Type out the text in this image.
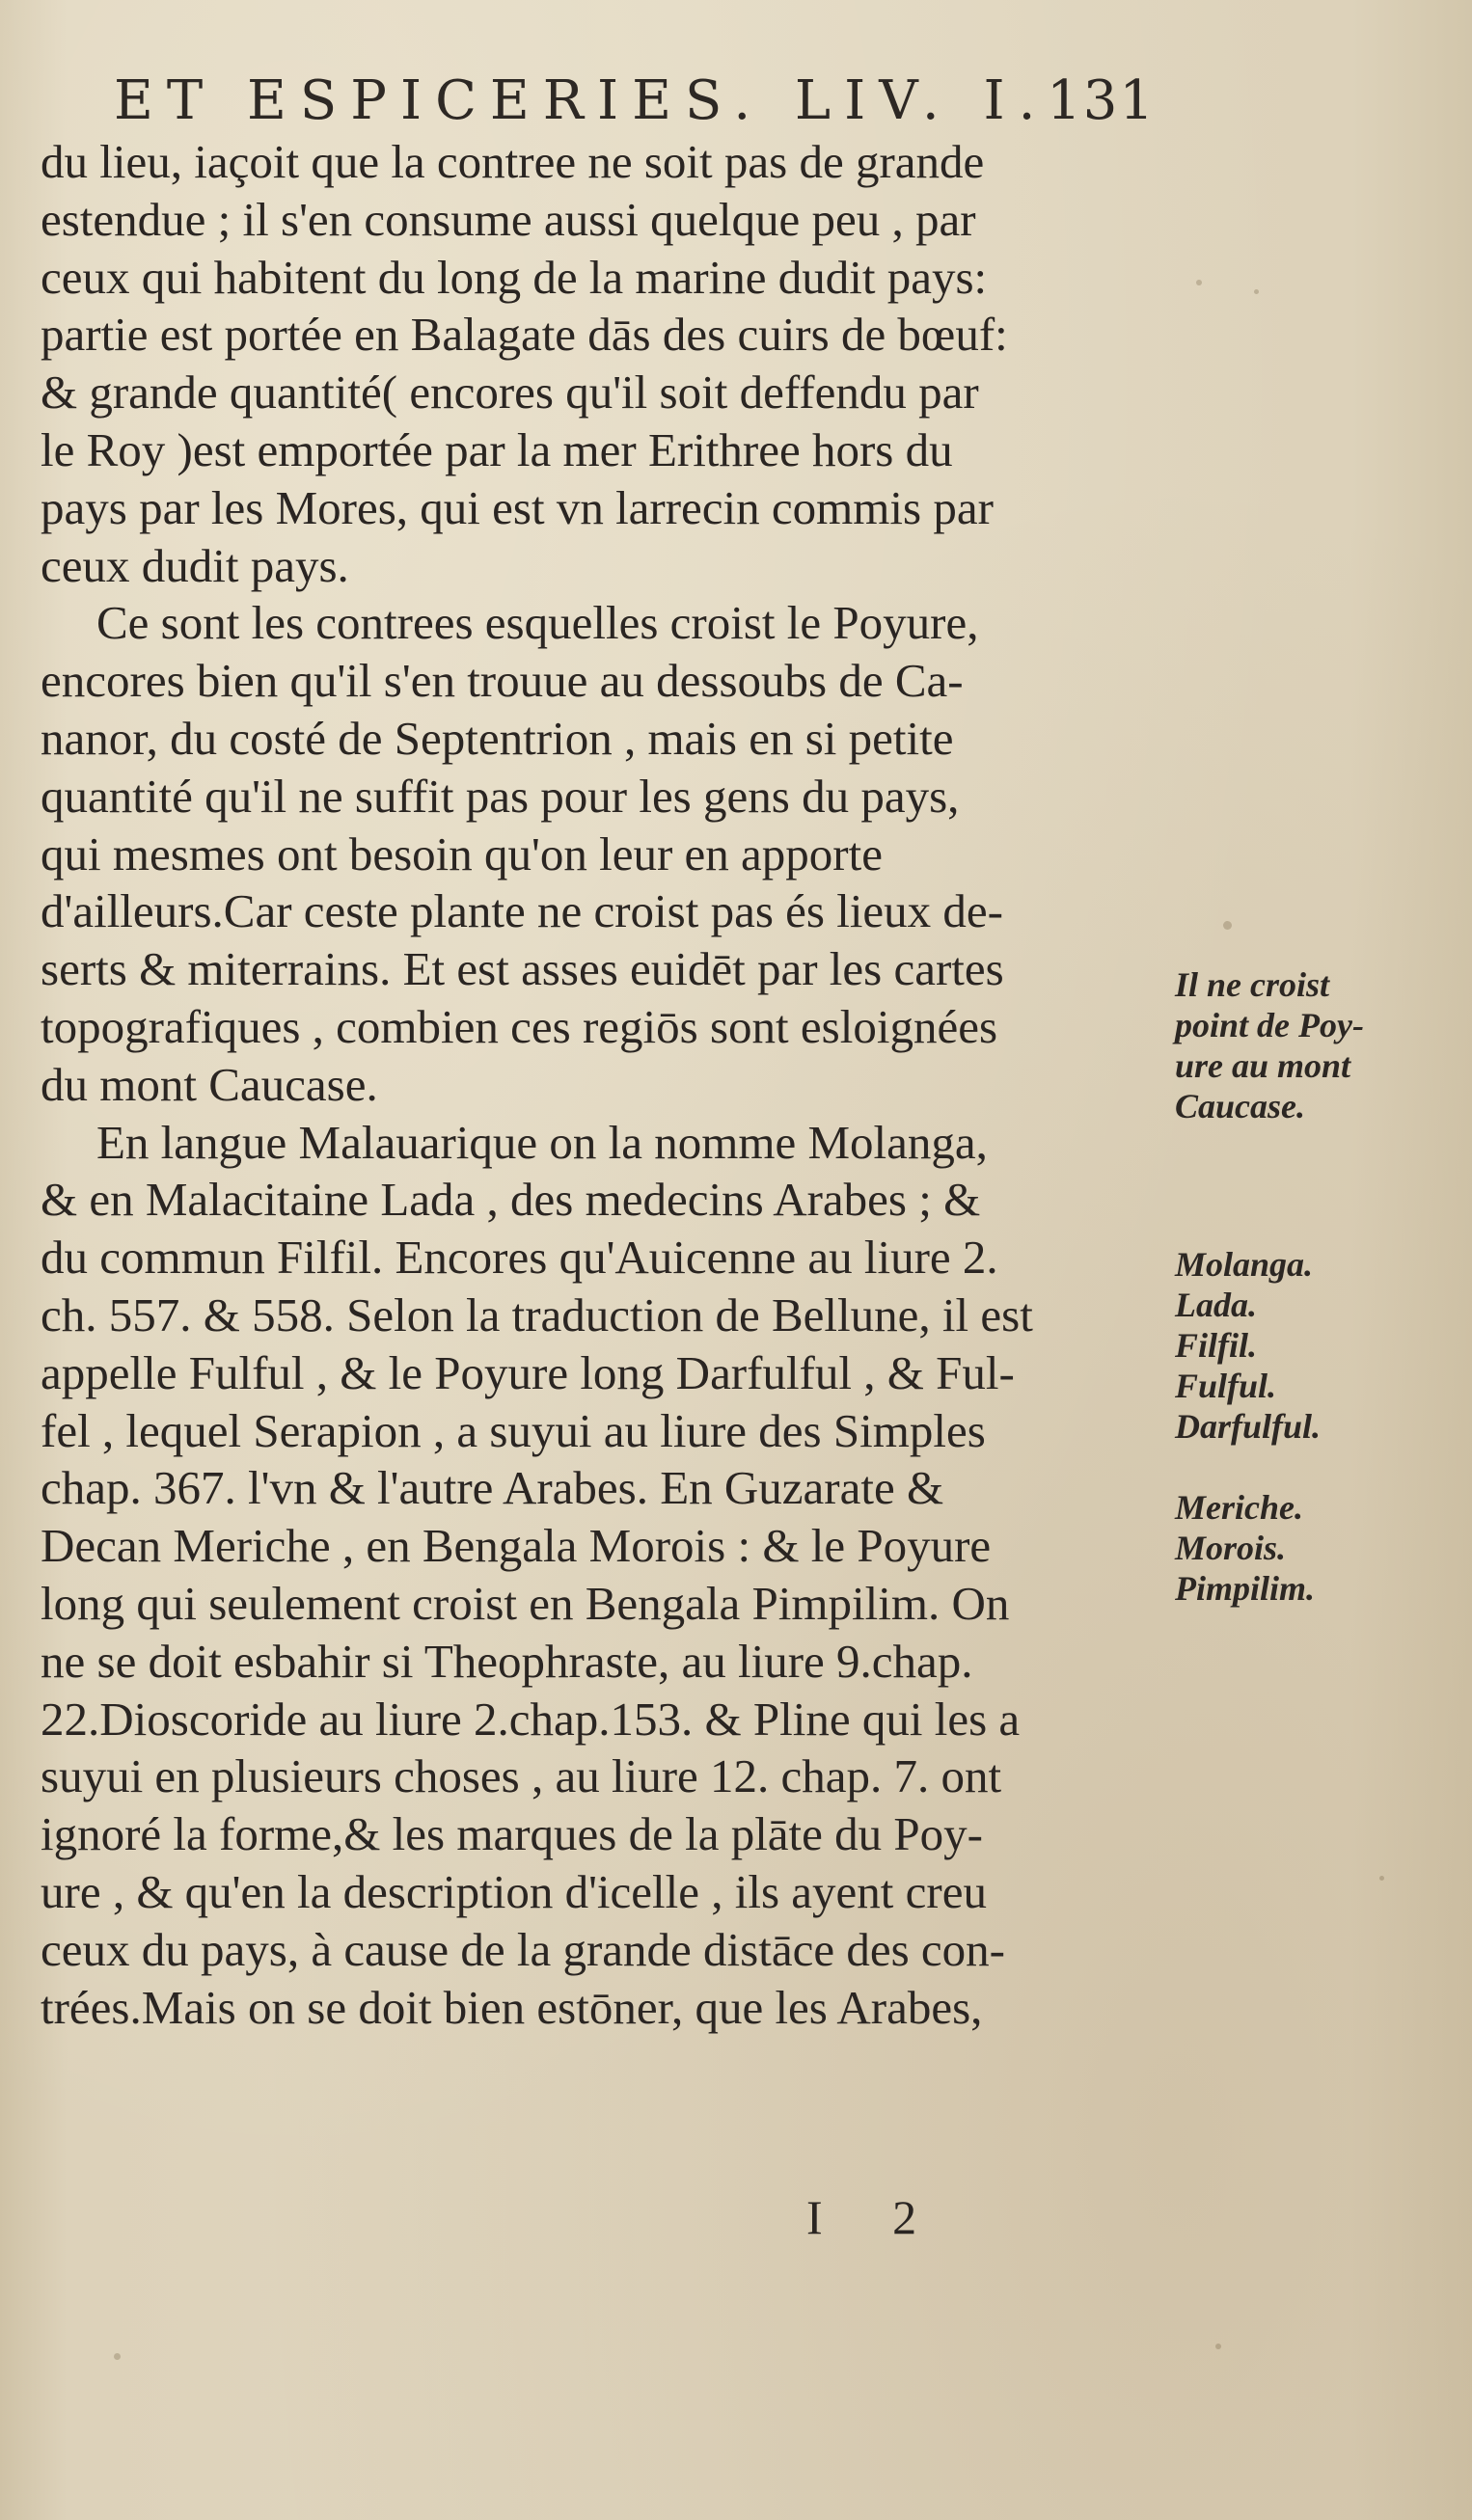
ET ESPICERIES. LIV. I.
131
du lieu, iaçoit que la contree ne soit pas de grande
estendue ; il s'en consume aussi quelque peu , par
ceux qui habitent du long de la marine dudit pays:
partie est portée en Balagate dās des cuirs de bœuf:
& grande quantité( encores qu'il soit deffendu par
le Roy )est emportée par la mer Erithree hors du
pays par les Mores, qui est vn larrecin commis par
ceux dudit pays.
Ce sont les contrees esquelles croist le Poyure,
encores bien qu'il s'en trouue au dessoubs de Ca-
nanor, du costé de Septentrion , mais en si petite
quantité qu'il ne suffit pas pour les gens du pays,
qui mesmes ont besoin qu'on leur en apporte
d'ailleurs.Car ceste plante ne croist pas és lieux de-
serts & miterrains. Et est asses euidēt par les cartes
topografiques , combien ces regiōs sont esloignées
du mont Caucase.
En langue Malauarique on la nomme Molanga,
& en Malacitaine Lada , des medecins Arabes ; &
du commun Filfil. Encores qu'Auicenne au liure 2.
ch. 557. & 558. Selon la traduction de Bellune, il est
appelle Fulful , & le Poyure long Darfulful , & Ful-
fel , lequel Serapion , a suyui au liure des Simples
chap. 367. l'vn & l'autre Arabes. En Guzarate &
Decan Meriche , en Bengala Morois : & le Poyure
long qui seulement croist en Bengala Pimpilim. On
ne se doit esbahir si Theophraste, au liure 9.chap.
22.Dioscoride au liure 2.chap.153. & Pline qui les a
suyui en plusieurs choses , au liure 12. chap. 7. ont
ignoré la forme,& les marques de la plāte du Poy-
ure , & qu'en la description d'icelle , ils ayent creu
ceux du pays, à cause de la grande distāce des con-
trées.Mais on se doit bien estōner, que les Arabes,
Il ne croist
point de Poy-
ure au mont
Caucase.
Molanga.
Lada.
Filfil.
Fulful.
Darfulful.
Meriche.
Morois.
Pimpilim.
I 2
